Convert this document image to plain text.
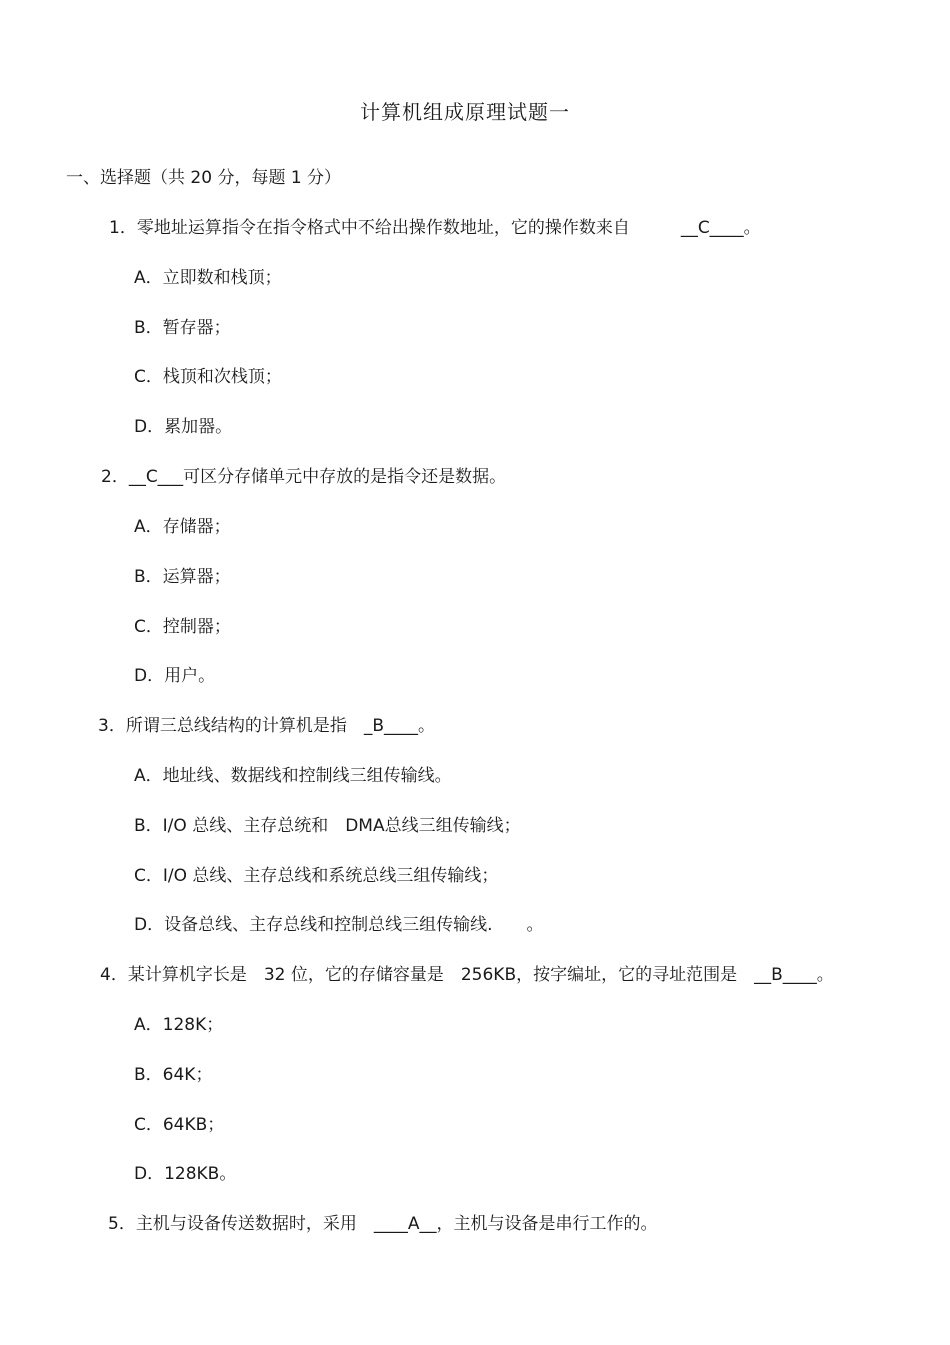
计算机组成原理试题一
一、选择题（共 20 分，每题 1 分）
1．零地址运算指令在指令格式中不给出操作数地址，它的操作数来自　　　__C____。
A．立即数和栈顶；
B．暂存器；
C．栈顶和次栈顶；
D．累加器。
2．__C___可区分存储单元中存放的是指令还是数据。
A．存储器；
B．运算器；
C．控制器；
D．用户。
3．所谓三总线结构的计算机是指　_B____。
A．地址线、数据线和控制线三组传输线。
B．I/O 总线、主存总统和　DMA总线三组传输线；
C．I/O 总线、主存总线和系统总线三组传输线；
D．设备总线、主存总线和控制总线三组传输线.　　。
4．某计算机字长是　32 位，它的存储容量是　256KB，按字编址，它的寻址范围是　__B____。
A．128K；
B．64K；
C．64KB；
D．128KB。
5．主机与设备传送数据时，采用　____A__，主机与设备是串行工作的。
